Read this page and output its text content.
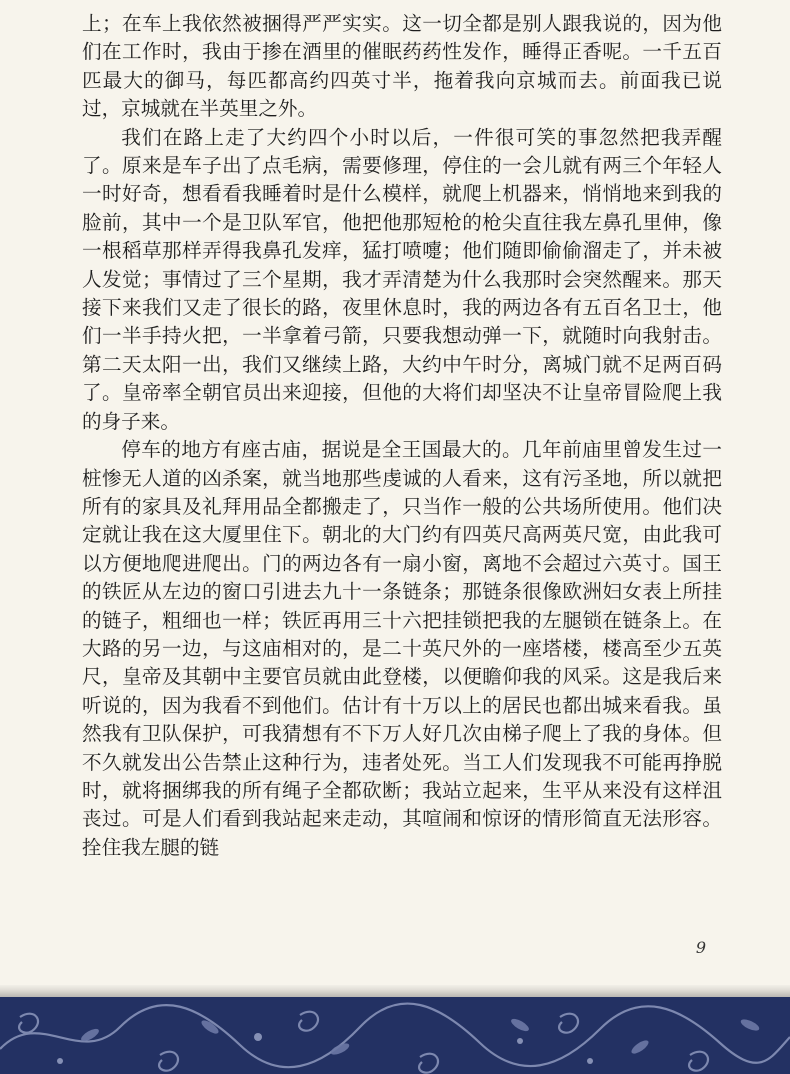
上；在车上我依然被捆得严严实实。这一切全都是别人跟我说的，因为他们在工作时，我由于掺在酒里的催眠药药性发作，睡得正香呢。一千五百匹最大的御马，每匹都高约四英寸半，拖着我向京城而去。前面我已说过，京城就在半英里之外。

我们在路上走了大约四个小时以后，一件很可笑的事忽然把我弄醒了。原来是车子出了点毛病，需要修理，停住的一会儿就有两三个年轻人一时好奇，想看看我睡着时是什么模样，就爬上机器来，悄悄地来到我的脸前，其中一个是卫队军官，他把他那短枪的枪尖直往我左鼻孔里伸，像一根稻草那样弄得我鼻孔发痒，猛打喷嚏；他们随即偷偷溜走了，并未被人发觉；事情过了三个星期，我才弄清楚为什么我那时会突然醒来。那天接下来我们又走了很长的路，夜里休息时，我的两边各有五百名卫士，他们一半手持火把，一半拿着弓箭，只要我想动弹一下，就随时向我射击。第二天太阳一出，我们又继续上路，大约中午时分，离城门就不足两百码了。皇帝率全朝官员出来迎接，但他的大将们却坚决不让皇帝冒险爬上我的身子来。

停车的地方有座古庙，据说是全王国最大的。几年前庙里曾发生过一桩惨无人道的凶杀案，就当地那些虔诚的人看来，这有污圣地，所以就把所有的家具及礼拜用品全都搬走了，只当作一般的公共场所使用。他们决定就让我在这大厦里住下。朝北的大门约有四英尺高两英尺宽，由此我可以方便地爬进爬出。门的两边各有一扇小窗，离地不会超过六英寸。国王的铁匠从左边的窗口引进去九十一条链条；那链条很像欧洲妇女表上所挂的链子，粗细也一样；铁匠再用三十六把挂锁把我的左腿锁在链条上。在大路的另一边，与这庙相对的，是二十英尺外的一座塔楼，楼高至少五英尺，皇帝及其朝中主要官员就由此登楼，以便瞻仰我的风采。这是我后来听说的，因为我看不到他们。估计有十万以上的居民也都出城来看我。虽然我有卫队保护，可我猜想有不下万人好几次由梯子爬上了我的身体。但不久就发出公告禁止这种行为，违者处死。当工人们发现我不可能再挣脱时，就将捆绑我的所有绳子全都砍断；我站立起来，生平从来没有这样沮丧过。可是人们看到我站起来走动，其喧闹和惊讶的情形简直无法形容。拴住我左腿的链

9
